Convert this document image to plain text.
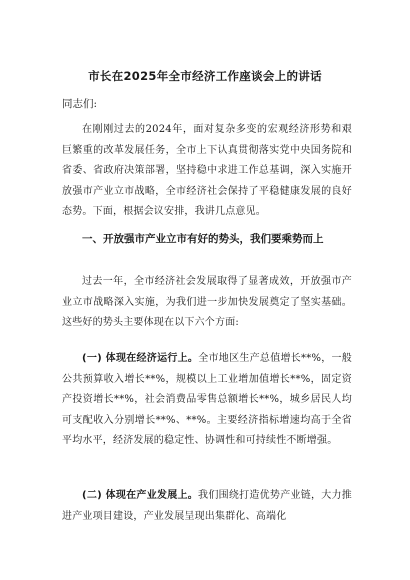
市长在2025年全市经济工作座谈会上的讲话
同志们:
在刚刚过去的2024年，面对复杂多变的宏观经济形势和艰巨繁重的改革发展任务，全市上下认真贯彻落实党中央国务院和省委、省政府决策部署，坚持稳中求进工作总基调，深入实施开放强市产业立市战略，全市经济社会保持了平稳健康发展的良好态势。下面，根据会议安排，我讲几点意见。
一、开放强市产业立市有好的势头，我们要乘势而上
过去一年，全市经济社会发展取得了显著成效，开放强市产业立市战略深入实施，为我们进一步加快发展奠定了坚实基础。这些好的势头主要体现在以下六个方面:
(一) 体现在经济运行上。全市地区生产总值增长**%，一般公共预算收入增长**%，规模以上工业增加值增长**%，固定资产投资增长**%，社会消费品零售总额增长**%，城乡居民人均可支配收入分别增长**%、**%。主要经济指标增速均高于全省平均水平，经济发展的稳定性、协调性和可持续性不断增强。
(二) 体现在产业发展上。我们围绕打造优势产业链，大力推进产业项目建设，产业发展呈现出集群化、高端化
